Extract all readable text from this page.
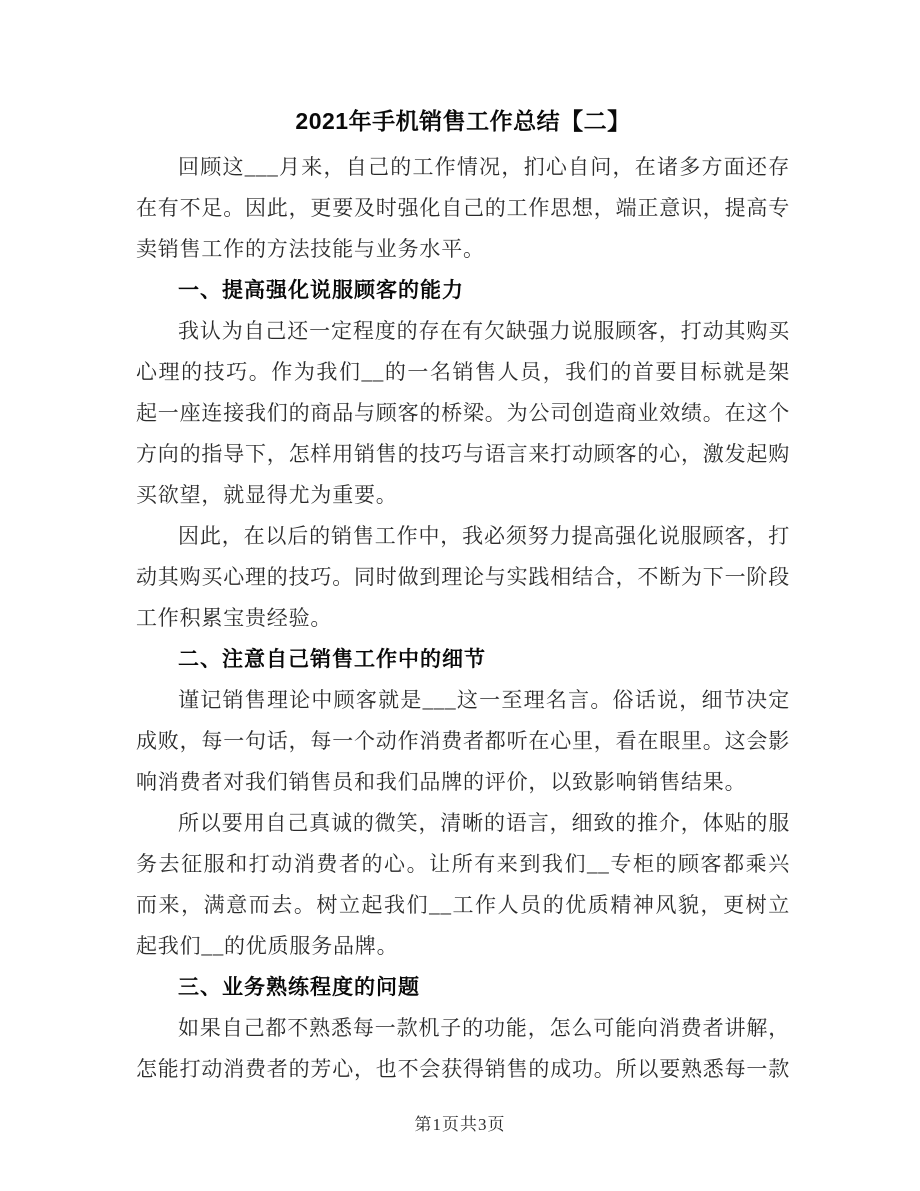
2021年手机销售工作总结【二】

回顾这___月来，自己的工作情况，扪心自问，在诸多方面还存在有不足。因此，更要及时强化自己的工作思想，端正意识，提高专卖销售工作的方法技能与业务水平。

一、提高强化说服顾客的能力

我认为自己还一定程度的存在有欠缺强力说服顾客，打动其购买心理的技巧。作为我们__的一名销售人员，我们的首要目标就是架起一座连接我们的商品与顾客的桥梁。为公司创造商业效绩。在这个方向的指导下，怎样用销售的技巧与语言来打动顾客的心，激发起购买欲望，就显得尤为重要。

因此，在以后的销售工作中，我必须努力提高强化说服顾客，打动其购买心理的技巧。同时做到理论与实践相结合，不断为下一阶段工作积累宝贵经验。

二、注意自己销售工作中的细节

谨记销售理论中顾客就是___这一至理名言。俗话说，细节决定成败，每一句话，每一个动作消费者都听在心里，看在眼里。这会影响消费者对我们销售员和我们品牌的评价，以致影响销售结果。

所以要用自己真诚的微笑，清晰的语言，细致的推介，体贴的服务去征服和打动消费者的心。让所有来到我们__专柜的顾客都乘兴而来，满意而去。树立起我们__工作人员的优质精神风貌，更树立起我们__的优质服务品牌。

三、业务熟练程度的问题

如果自己都不熟悉每一款机子的功能，怎么可能向消费者讲解，怎能打动消费者的芳心，也不会获得销售的成功。所以要熟悉每一款

第1页共3页
